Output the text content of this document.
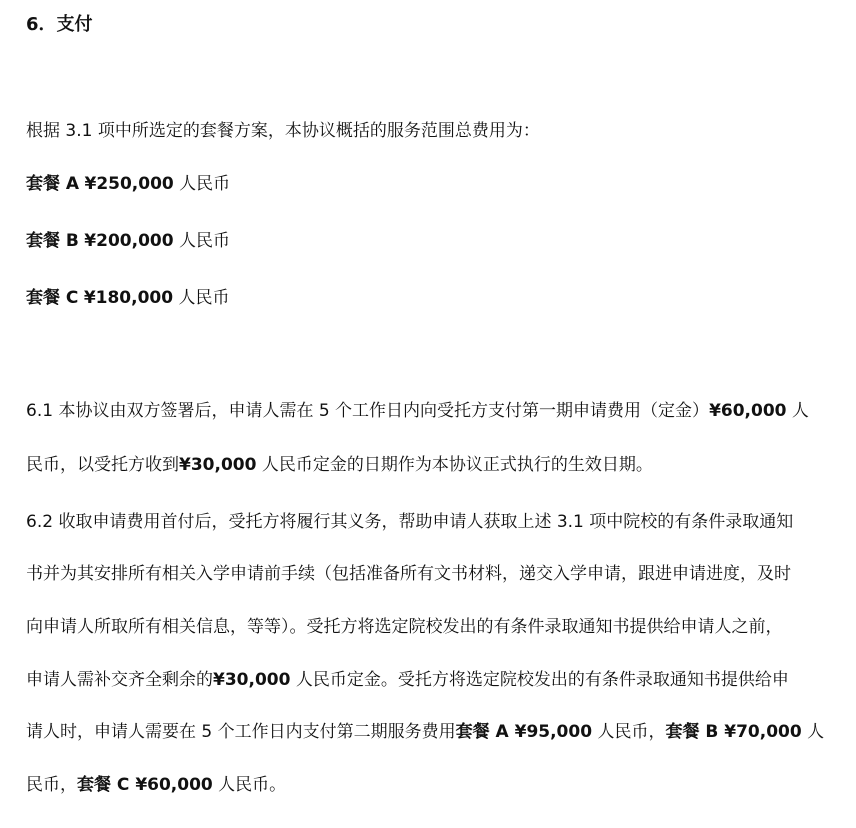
6．支付
根据 3.1 项中所选定的套餐方案，本协议概括的服务范围总费用为：
套餐 A ¥250,000 人民币
套餐 B ¥200,000 人民币
套餐 C ¥180,000 人民币
6.1 本协议由双方签署后，申请人需在 5 个工作日内向受托方支付第一期申请费用（定金）¥60,000 人
民币，以受托方收到¥30,000 人民币定金的日期作为本协议正式执行的生效日期。
6.2 收取申请费用首付后，受托方将履行其义务，帮助申请人获取上述 3.1 项中院校的有条件录取通知
书并为其安排所有相关入学申请前手续（包括准备所有文书材料，递交入学申请，跟进申请进度，及时
向申请人所取所有相关信息，等等）。受托方将选定院校发出的有条件录取通知书提供给申请人之前，
申请人需补交齐全剩余的¥30,000 人民币定金。受托方将选定院校发出的有条件录取通知书提供给申
请人时，申请人需要在 5 个工作日内支付第二期服务费用套餐 A ¥95,000 人民币，套餐 B ¥70,000 人
民币，套餐 C ¥60,000 人民币。
